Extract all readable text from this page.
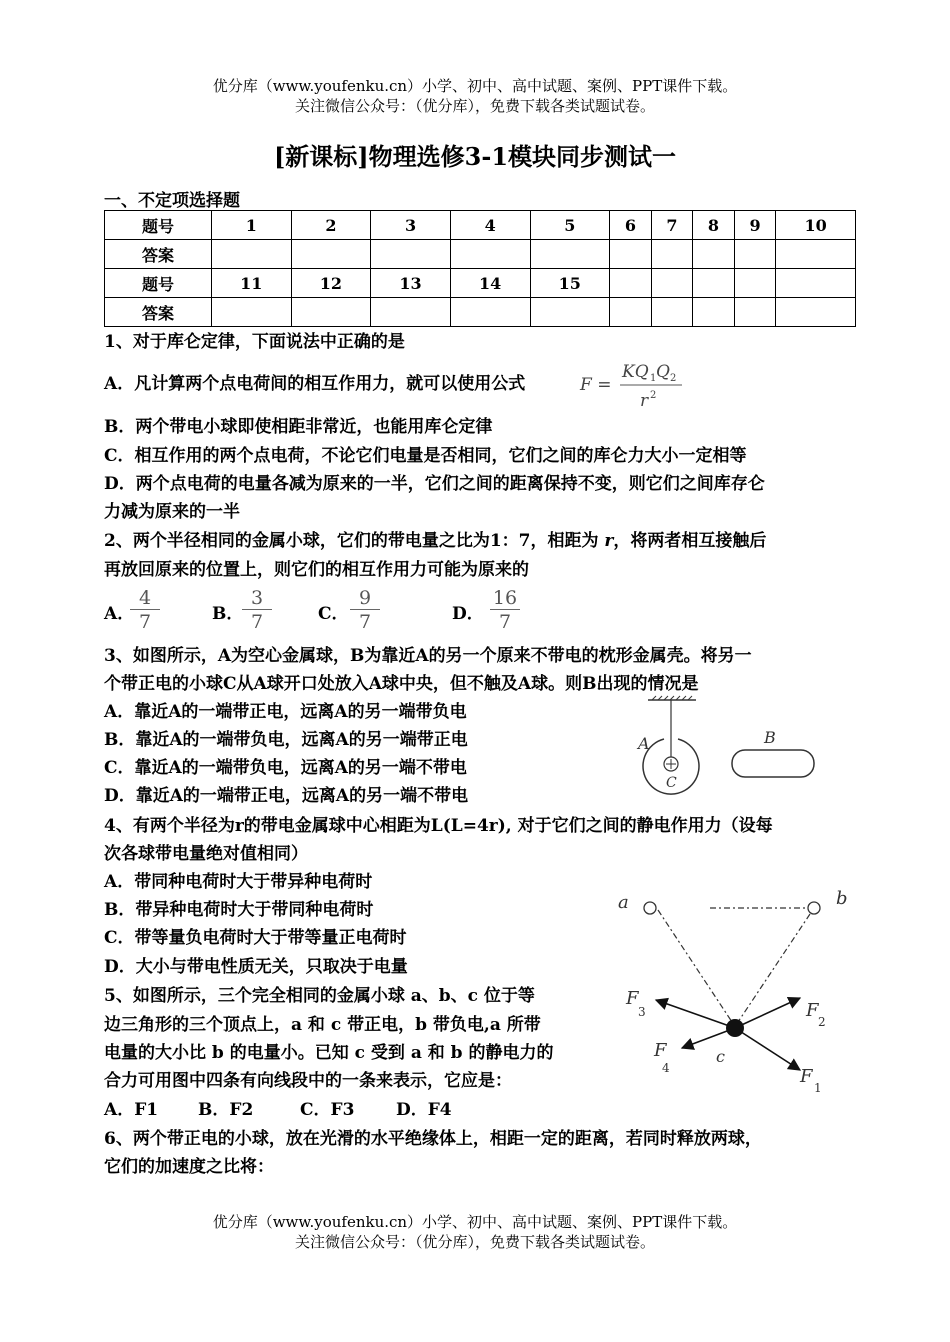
优分库（www.youfenku.cn）小学、初中、高中试题、案例、PPT课件下载。
关注微信公众号：（优分库），免费下载各类试题试卷。
[新课标]物理选修3-1模块同步测试一
一、不定项选择题
题号	1	2	3	4	5	6	7	8	9	10
答案										
题号	11	12	13	14	15					
答案										
1、对于库仑定律，下面说法中正确的是
A．凡计算两个点电荷间的相互作用力，就可以使用公式	F =
KQ 1 Q 2
r 2
B．两个带电小球即使相距非常近，也能用库仑定律
C．相互作用的两个点电荷，不论它们电量是否相同，它们之间的库仑力大小一定相等
D．两个点电荷的电量各减为原来的一半，它们之间的距离保持不变，则它们之间库存仑
力减为原来的一半
2、两个半径相同的金属小球，它们的带电量之比为1：7，相距为 r，将两者相互接触后
再放回原来的位置上，则它们的相互作用力可能为原来的
A．
$\frac{4}{7}$	B．
$\frac{3}{7}$	C． $\frac{9}{7}$	D． $\frac{16}{7}$
3、如图所示，A为空心金属球，B为靠近A的另一个原来不带电的枕形金属壳。将另一
个带正电的小球C从A球开口处放入A球中央，但不触及A球。则B出现的情况是
A．靠近A的一端带正电，远离A的另一端带负电
B．靠近A的一端带负电，远离A的另一端带正电
C．靠近A的一端带负电，远离A的另一端不带电
D．靠近A的一端带正电，远离A的另一端不带电
A	B
C
4、有两个半径为r的带电金属球中心相距为L(L=4r), 对于它们之间的静电作用力（设每
次各球带电量绝对值相同）
A．带同种电荷时大于带异种电荷时
B．带异种电荷时大于带同种电荷时
C．带等量负电荷时大于带等量正电荷时
D．大小与带电性质无关，只取决于电量
5、如图所示，三个完全相同的金属小球 a、b、c 位于等
边三角形的三个顶点上，a 和 c 带正电，b 带负电,a 所带
电量的大小比 b 的电量小。已知 c 受到 a 和 b 的静电力的
合力可用图中四条有向线段中的一条来表示，它应是：
A．F1 B．F2	C．F3 D．F4
a	b
c
F
1
F
2
F
3
F
4
6、两个带正电的小球，放在光滑的水平绝缘体上，相距一定的距离，若同时释放两球，
它们的加速度之比将：
优分库（www.youfenku.cn）小学、初中、高中试题、案例、PPT课件下载。
关注微信公众号：（优分库），免费下载各类试题试卷。
